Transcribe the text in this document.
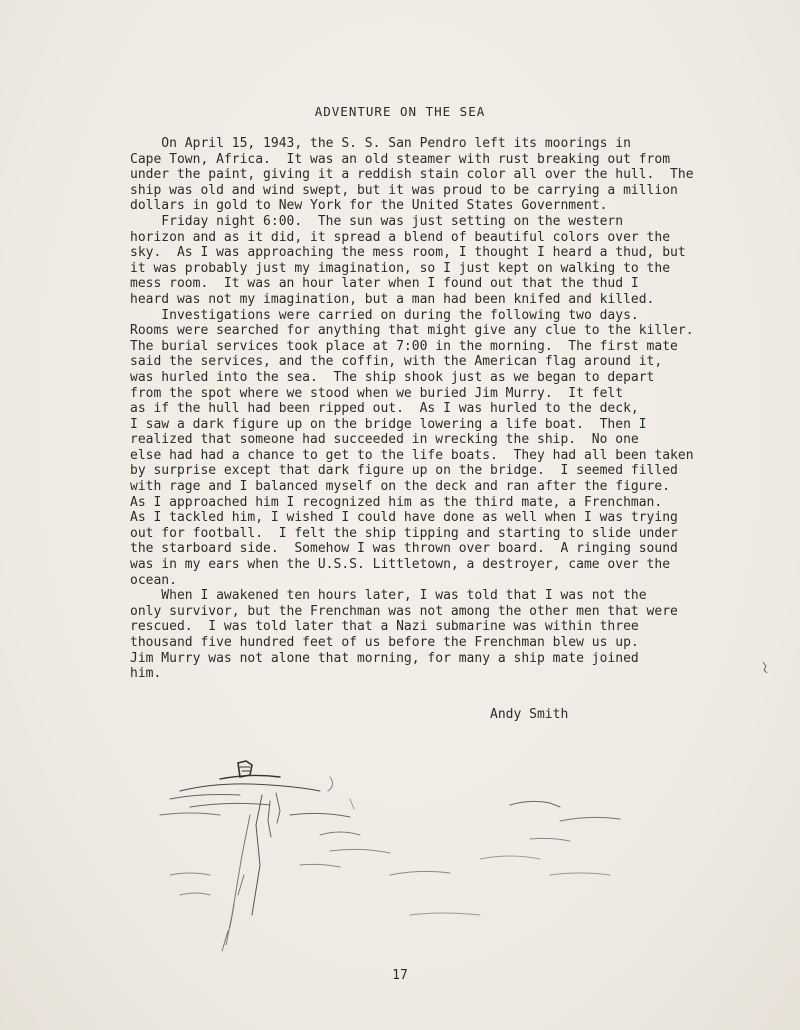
ADVENTURE ON THE SEA
On April 15, 1943, the S. S. San Pendro left its moorings in
Cape Town, Africa.  It was an old steamer with rust breaking out from
under the paint, giving it a reddish stain color all over the hull.  The
ship was old and wind swept, but it was proud to be carrying a million
dollars in gold to New York for the United States Government.
Friday night 6:00.  The sun was just setting on the western
horizon and as it did, it spread a blend of beautiful colors over the
sky.  As I was approaching the mess room, I thought I heard a thud, but
it was probably just my imagination, so I just kept on walking to the
mess room.  It was an hour later when I found out that the thud I
heard was not my imagination, but a man had been knifed and killed.
Investigations were carried on during the following two days.
Rooms were searched for anything that might give any clue to the killer.
The burial services took place at 7:00 in the morning.  The first mate
said the services, and the coffin, with the American flag around it,
was hurled into the sea.  The ship shook just as we began to depart
from the spot where we stood when we buried Jim Murry.  It felt
as if the hull had been ripped out.  As I was hurled to the deck,
I saw a dark figure up on the bridge lowering a life boat.  Then I
realized that someone had succeeded in wrecking the ship.  No one
else had had a chance to get to the life boats.  They had all been taken
by surprise except that dark figure up on the bridge.  I seemed filled
with rage and I balanced myself on the deck and ran after the figure.
As I approached him I recognized him as the third mate, a Frenchman.
As I tackled him, I wished I could have done as well when I was trying
out for football.  I felt the ship tipping and starting to slide under
the starboard side.  Somehow I was thrown over board.  A ringing sound
was in my ears when the U.S.S. Littletown, a destroyer, came over the
ocean.
When I awakened ten hours later, I was told that I was not the
only survivor, but the Frenchman was not among the other men that were
rescued.  I was told later that a Nazi submarine was within three
thousand five hundred feet of us before the Frenchman blew us up.
Jim Murry was not alone that morning, for many a ship mate joined
him.
Andy Smith
17
